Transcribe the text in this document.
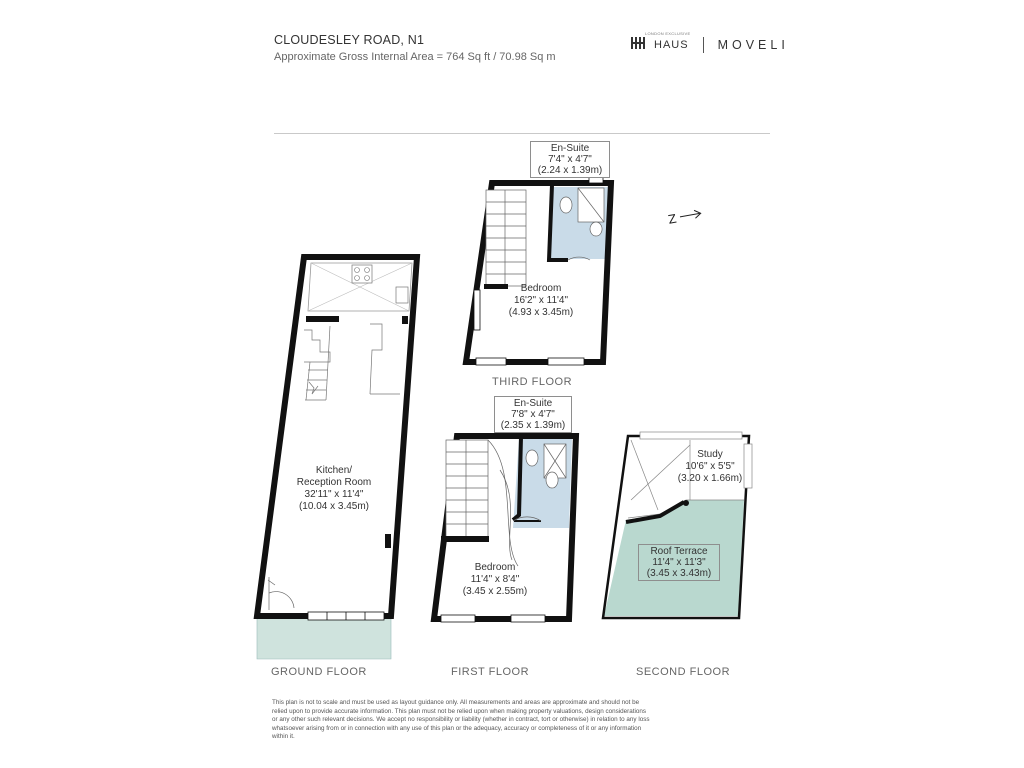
CLOUDESLEY ROAD, N1
Approximate Gross Internal Area = 764 Sq ft / 70.98 Sq m
LONDON EXCLUSIVE
HAUS MOVELI
Z
En-Suite
7'4" x 4'7"
(2.24 x 1.39m)
Bedroom
16'2" x 11'4"
(4.93 x 3.45m)
Kitchen/
Reception Room
32'11" x 11'4"
(10.04 x 3.45m)
En-Suite
7'8" x 4'7"
(2.35 x 1.39m)
Bedroom
11'4" x 8'4"
(3.45 x 2.55m)
Study
10'6" x 5'5"
(3.20 x 1.66m)
Roof Terrace
11'4" x 11'3"
(3.45 x 3.43m)
THIRD FLOOR
GROUND FLOOR	FIRST FLOOR	SECOND FLOOR
This plan is not to scale and must be used as layout guidance only. All measurements and areas are approximate and should not be relied upon to provide accurate information. This plan must not be relied upon when making property valuations, design considerations or any other such relevant decisions. We accept no responsibility or liability (whether in contract, tort or otherwise) in relation to any loss whatsoever arising from or in connection with any use of this plan or the adequacy, accuracy or completeness of it or any information within it.
